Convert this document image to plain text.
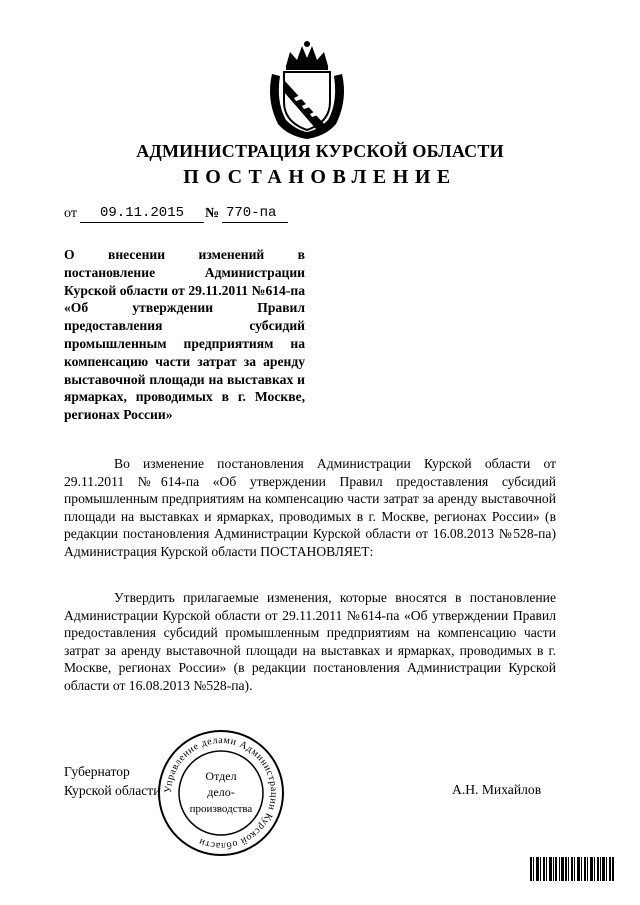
АДМИНИСТРАЦИЯ КУРСКОЙ ОБЛАСТИ
ПОСТАНОВЛЕНИЕ
от	09.11.2015	№ 770-па
О внесении изменений в постановление Администрации Курской области от 29.11.2011 №614-па «Об утверждении Правил предоставления субсидий промышленным предприятиям на компенсацию части затрат за аренду выставочной площади на выставках и ярмарках, проводимых в г. Москве, регионах России»
Во изменение постановления Администрации Курской области от 29.11.2011 №614-па «Об утверждении Правил предоставления субсидий промышленным предприятиям на компенсацию части затрат за аренду выставочной площади на выставках и ярмарках, проводимых в г. Москве, регионах России» (в редакции постановления Администрации Курской области от 16.08.2013 №528-па) Администрация Курской области ПОСТАНОВЛЯЕТ:
Утвердить прилагаемые изменения, которые вносятся в постановление Администрации Курской области от 29.11.2011 №614-па «Об утверждении Правил предоставления субсидий промышленным предприятиям на компенсацию части затрат за аренду выставочной площади на выставках и ярмарках, проводимых в г. Москве, регионах России» (в редакции постановления Администрации Курской области от 16.08.2013 №528-па).
Губернатор
Курской области	А.Н. Михайлов
Управление делами Администрации Курской области
Отдел
дело-
производства
